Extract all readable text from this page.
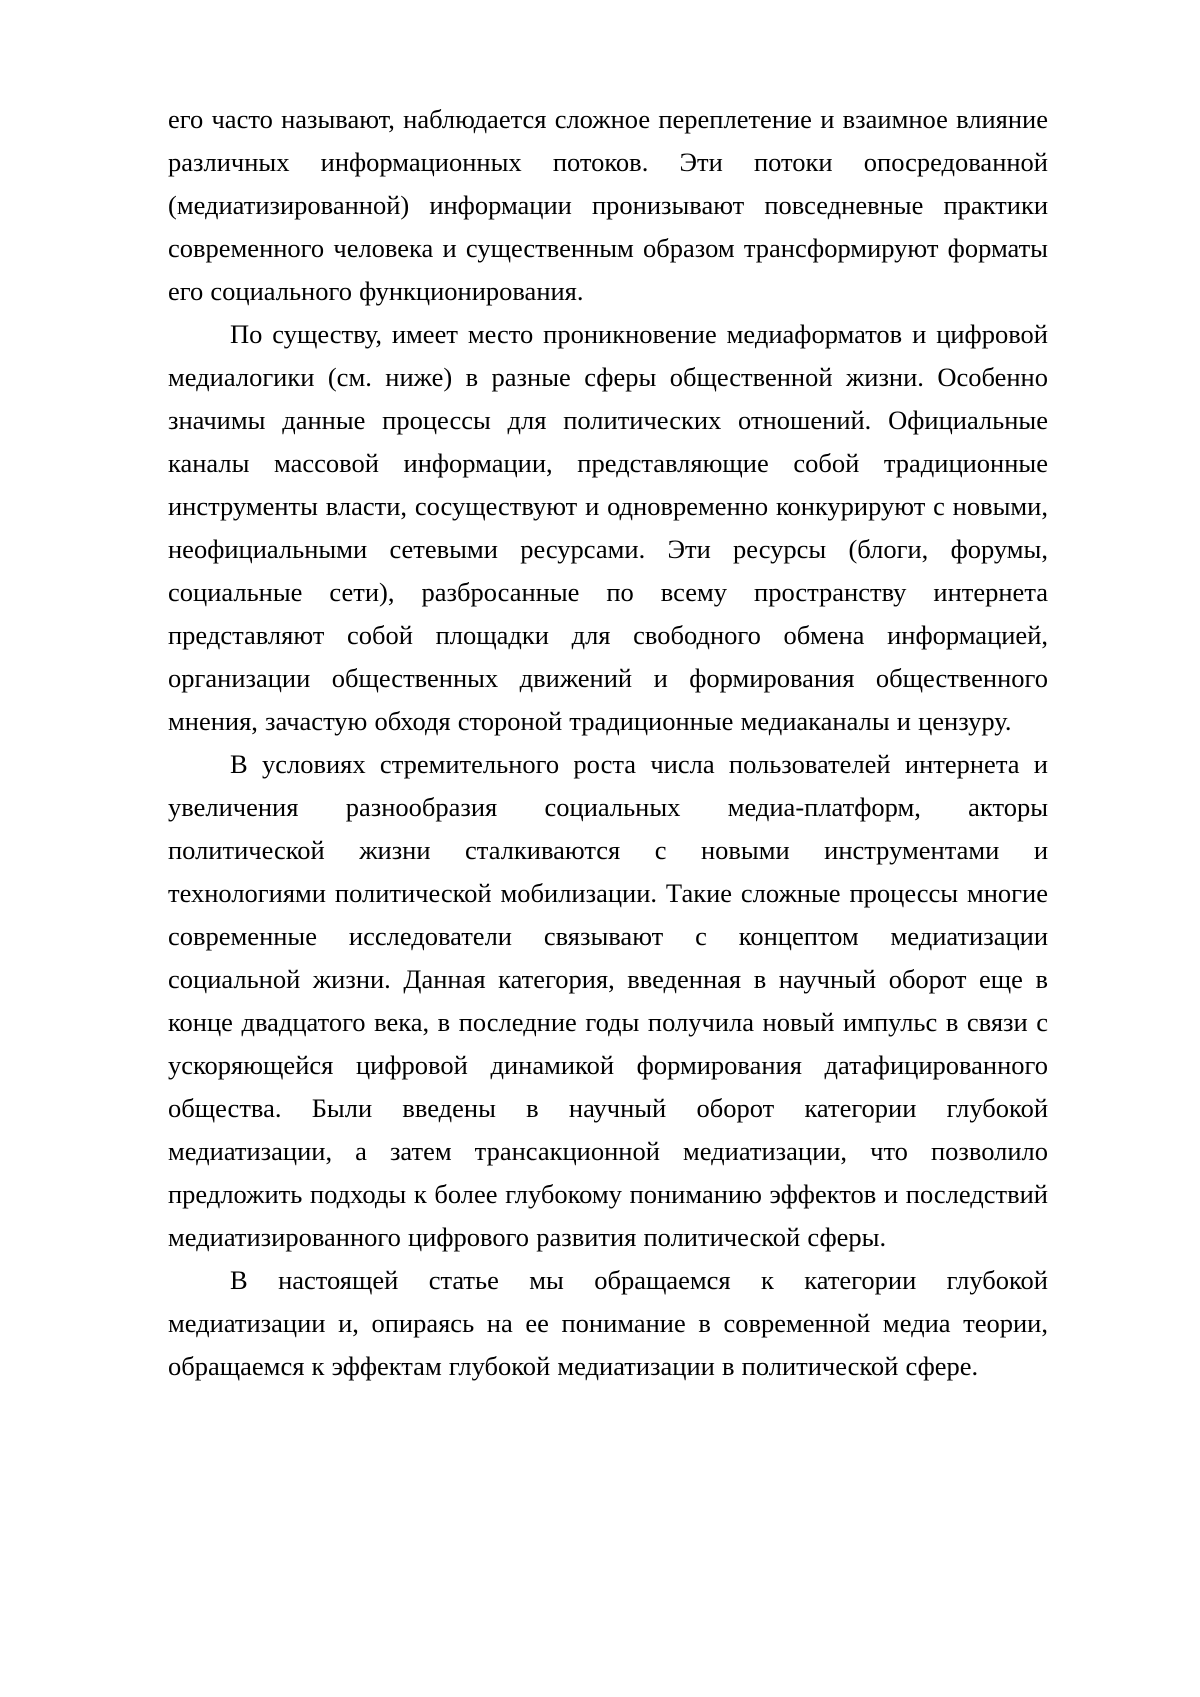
его часто называют, наблюдается сложное переплетение и взаимное влияние различных информационных потоков. Эти потоки опосредованной (медиатизированной) информации пронизывают повседневные практики современного человека и существенным образом трансформируют форматы его социального функционирования.

По существу, имеет место проникновение медиаформатов и цифровой медиалогики (см. ниже) в разные сферы общественной жизни. Особенно значимы данные процессы для политических отношений. Официальные каналы массовой информации, представляющие собой традиционные инструменты власти, сосуществуют и одновременно конкурируют с новыми, неофициальными сетевыми ресурсами. Эти ресурсы (блоги, форумы, социальные сети), разбросанные по всему пространству интернета представляют собой площадки для свободного обмена информацией, организации общественных движений и формирования общественного мнения, зачастую обходя стороной традиционные медиаканалы и цензуру.

В условиях стремительного роста числа пользователей интернета и увеличения разнообразия социальных медиа-платформ, акторы политической жизни сталкиваются с новыми инструментами и технологиями политической мобилизации. Такие сложные процессы многие современные исследователи связывают с концептом медиатизации социальной жизни. Данная категория, введенная в научный оборот еще в конце двадцатого века, в последние годы получила новый импульс в связи с ускоряющейся цифровой динамикой формирования датафицированного общества. Были введены в научный оборот категории глубокой медиатизации, а затем трансакционной медиатизации, что позволило предложить подходы к более глубокому пониманию эффектов и последствий медиатизированного цифрового развития политической сферы.

В настоящей статье мы обращаемся к категории глубокой медиатизации и, опираясь на ее понимание в современной медиа теории, обращаемся к эффектам глубокой медиатизации в политической сфере.
